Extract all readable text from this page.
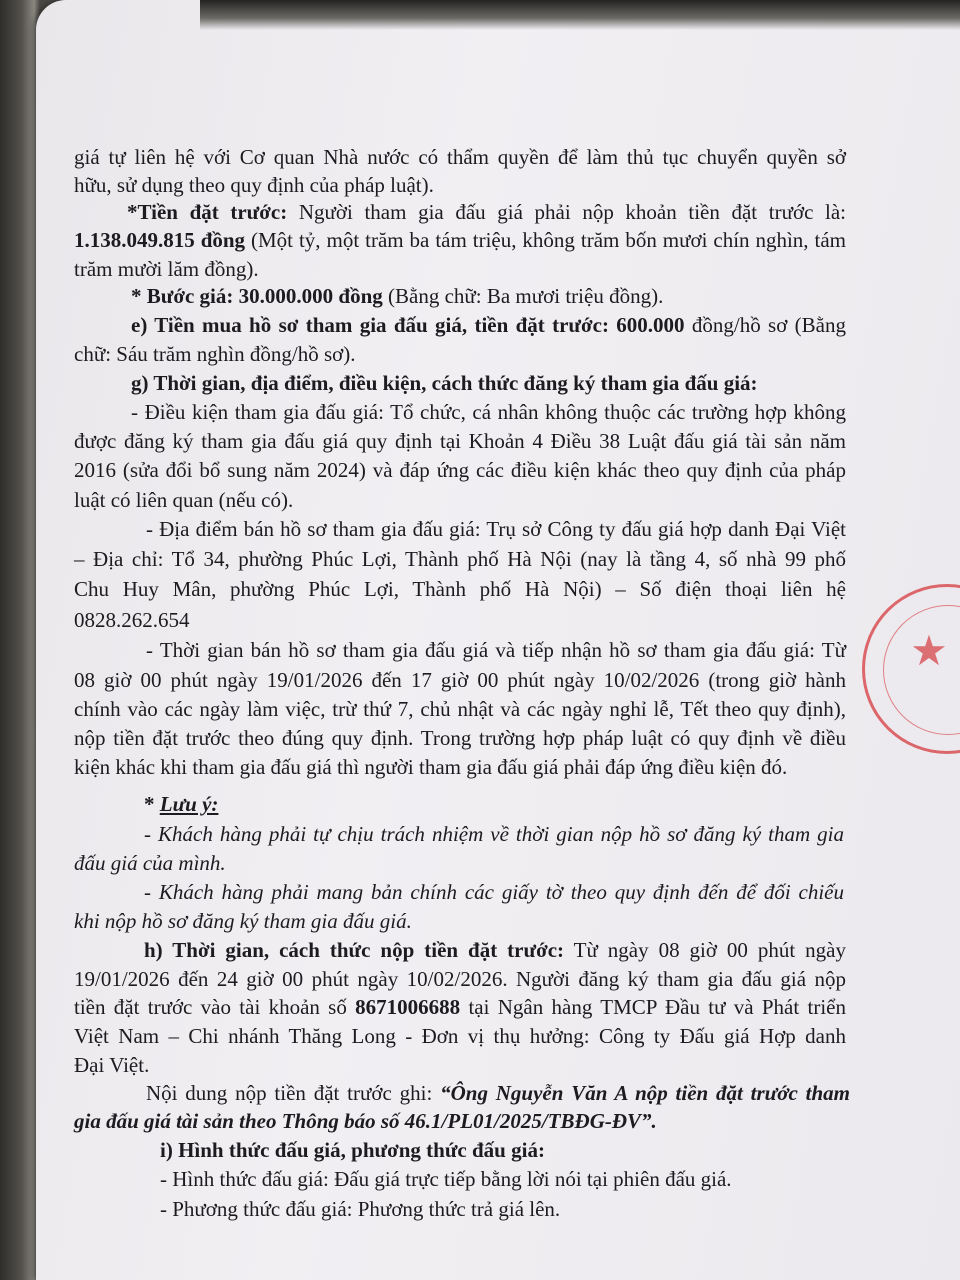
★
giá tự liên hệ với Cơ quan Nhà nước có thẩm quyền để làm thủ tục chuyển quyền sở
hữu, sử dụng theo quy định của pháp luật).
*Tiền đặt trước: Người tham gia đấu giá phải nộp khoản tiền đặt trước là:
1.138.049.815 đồng (Một tỷ, một trăm ba tám triệu, không trăm bốn mươi chín nghìn, tám
trăm mười lăm đồng).
* Bước giá: 30.000.000 đồng (Bằng chữ: Ba mươi triệu đồng).
e) Tiền mua hồ sơ tham gia đấu giá, tiền đặt trước: 600.000 đồng/hồ sơ (Bằng
chữ: Sáu trăm nghìn đồng/hồ sơ).
g) Thời gian, địa điểm, điều kiện, cách thức đăng ký tham gia đấu giá:
- Điều kiện tham gia đấu giá: Tổ chức, cá nhân không thuộc các trường hợp không
được đăng ký tham gia đấu giá quy định tại Khoản 4 Điều 38 Luật đấu giá tài sản năm
2016 (sửa đổi bổ sung năm 2024) và đáp ứng các điều kiện khác theo quy định của pháp
luật có liên quan (nếu có).
- Địa điểm bán hồ sơ tham gia đấu giá: Trụ sở Công ty đấu giá hợp danh Đại Việt
– Địa chỉ: Tổ 34, phường Phúc Lợi, Thành phố Hà Nội (nay là tầng 4, số nhà 99 phố
Chu Huy Mân, phường Phúc Lợi, Thành phố Hà Nội) – Số điện thoại liên hệ
0828.262.654
- Thời gian bán hồ sơ tham gia đấu giá và tiếp nhận hồ sơ tham gia đấu giá: Từ
08 giờ 00 phút ngày 19/01/2026 đến 17 giờ 00 phút ngày 10/02/2026 (trong giờ hành
chính vào các ngày làm việc, trừ thứ 7, chủ nhật và các ngày nghỉ lễ, Tết theo quy định),
nộp tiền đặt trước theo đúng quy định. Trong trường hợp pháp luật có quy định về điều
kiện khác khi tham gia đấu giá thì người tham gia đấu giá phải đáp ứng điều kiện đó.
* Lưu ý:
- Khách hàng phải tự chịu trách nhiệm về thời gian nộp hồ sơ đăng ký tham gia
đấu giá của mình.
- Khách hàng phải mang bản chính các giấy tờ theo quy định đến để đối chiếu
khi nộp hồ sơ đăng ký tham gia đấu giá.
h) Thời gian, cách thức nộp tiền đặt trước: Từ ngày 08 giờ 00 phút ngày
19/01/2026 đến 24 giờ 00 phút ngày 10/02/2026. Người đăng ký tham gia đấu giá nộp
tiền đặt trước vào tài khoản số 8671006688 tại Ngân hàng TMCP Đầu tư và Phát triển
Việt Nam – Chi nhánh Thăng Long - Đơn vị thụ hưởng: Công ty Đấu giá Hợp danh
Đại Việt.
Nội dung nộp tiền đặt trước ghi: “Ông Nguyễn Văn A nộp tiền đặt trước tham
gia đấu giá tài sản theo Thông báo số 46.1/PL01/2025/TBĐG-ĐV”.
i) Hình thức đấu giá, phương thức đấu giá:
- Hình thức đấu giá: Đấu giá trực tiếp bằng lời nói tại phiên đấu giá.
- Phương thức đấu giá: Phương thức trả giá lên.
